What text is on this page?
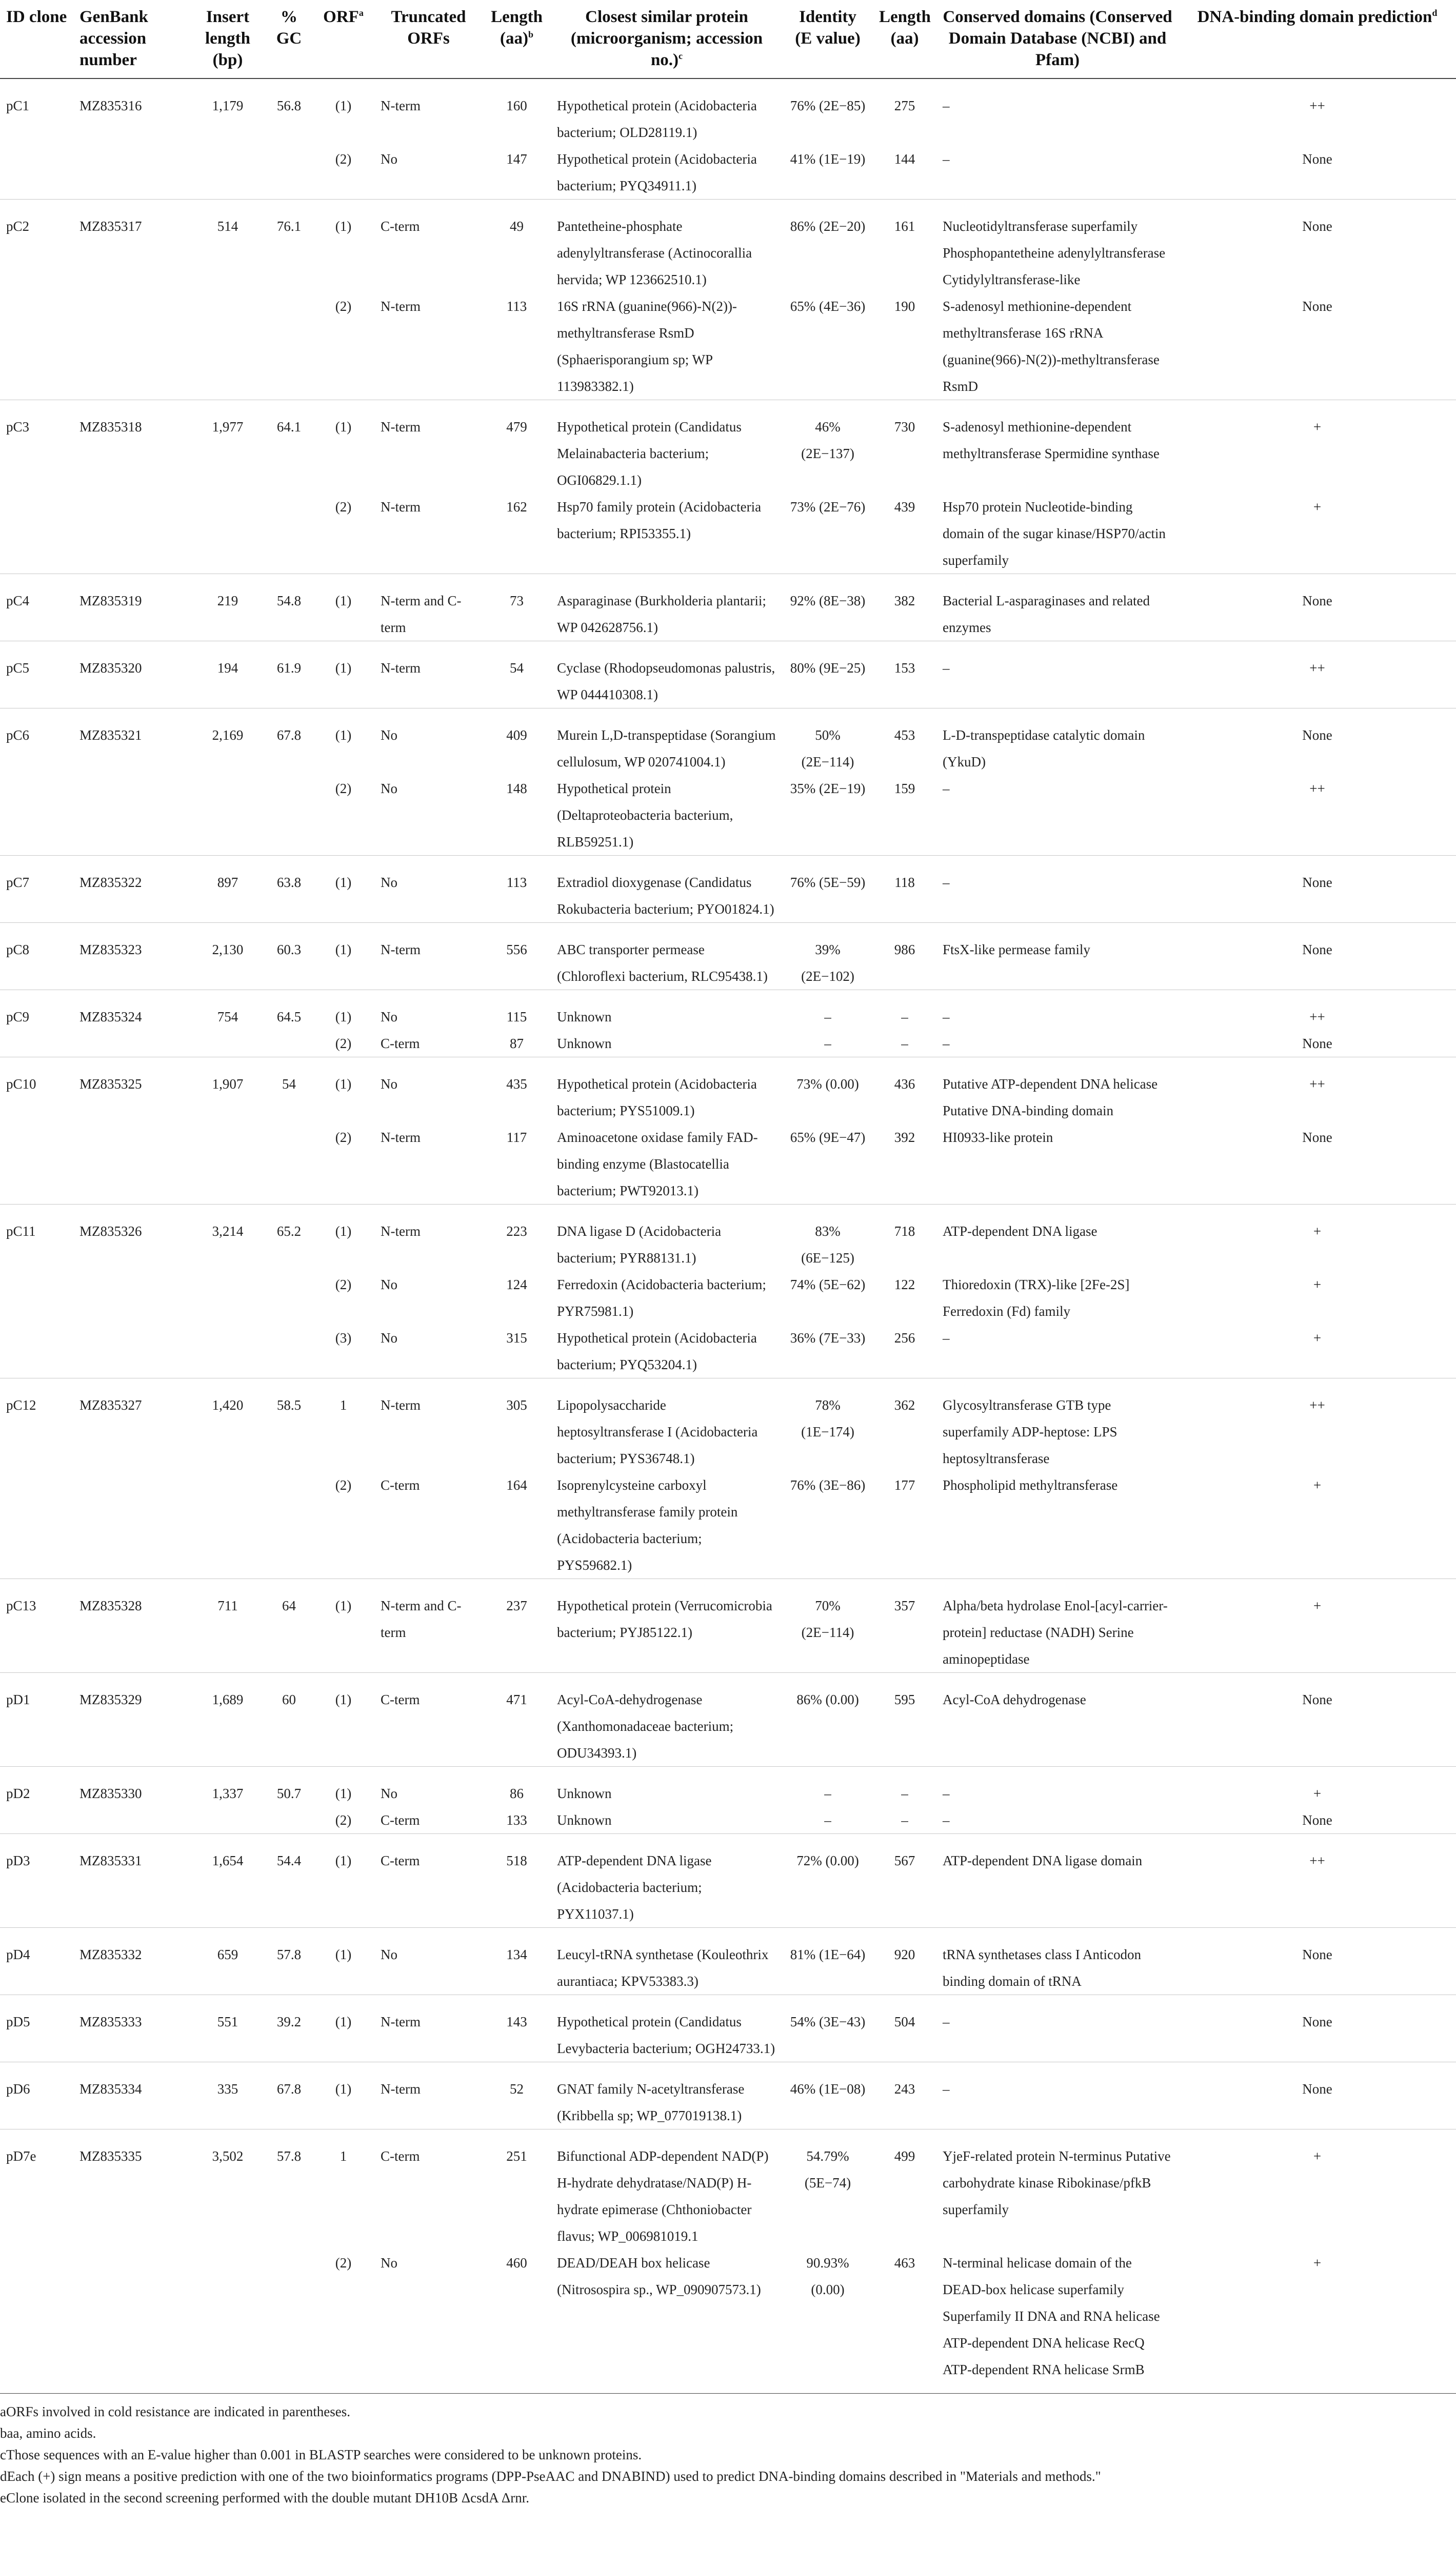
ID clone	GenBank accession number	Insert length (bp)	% GC	ORF$^a$	Truncated ORFs	Length (aa)$^b$	Closest similar protein (microorganism; accession no.)$^c$	Identity (E value)	Length (aa)	Conserved domains (Conserved Domain Database (NCBI) and Pfam)	DNA-binding domain prediction$^d$
pC1	MZ835316	1,179	56.8	(1)	N-term	160	Hypothetical protein (Acidobacteria bacterium; OLD28119.1)	76% (2E−85)	275	–	++
				(2)	No	147	Hypothetical protein (Acidobacteria bacterium; PYQ34911.1)	41% (1E−19)	144	–	None
pC2	MZ835317	514	76.1	(1)	C-term	49	Pantetheine-phosphate adenylyltransferase (Actinocorallia hervida; WP 123662510.1)	86% (2E−20)	161	Nucleotidyltransferase superfamily Phosphopantetheine adenylyltransferase Cytidylyltransferase-like	None
				(2)	N-term	113	16S rRNA (guanine(966)-N(2))-methyltransferase RsmD (Sphaerisporangium sp; WP 113983382.1)	65% (4E−36)	190	S-adenosyl methionine-dependent methyltransferase 16S rRNA (guanine(966)-N(2))-methyltransferase RsmD	None
pC3	MZ835318	1,977	64.1	(1)	N-term	479	Hypothetical protein (Candidatus Melainabacteria bacterium; OGI06829.1.1)	46% (2E−137)	730	S-adenosyl methionine-dependent methyltransferase Spermidine synthase	+
				(2)	N-term	162	Hsp70 family protein (Acidobacteria bacterium; RPI53355.1)	73% (2E−76)	439	Hsp70 protein Nucleotide-binding domain of the sugar kinase/HSP70/actin superfamily	+
pC4	MZ835319	219	54.8	(1)	N-term and C-term	73	Asparaginase (Burkholderia plantarii; WP 042628756.1)	92% (8E−38)	382	Bacterial L-asparaginases and related enzymes	None
pC5	MZ835320	194	61.9	(1)	N-term	54	Cyclase (Rhodopseudomonas palustris, WP 044410308.1)	80% (9E−25)	153	–	++
pC6	MZ835321	2,169	67.8	(1)	No	409	Murein L,D-transpeptidase (Sorangium cellulosum, WP 020741004.1)	50% (2E−114)	453	L-D-transpeptidase catalytic domain (YkuD)	None
				(2)	No	148	Hypothetical protein (Deltaproteobacteria bacterium, RLB59251.1)	35% (2E−19)	159	–	++
pC7	MZ835322	897	63.8	(1)	No	113	Extradiol dioxygenase (Candidatus Rokubacteria bacterium; PYO01824.1)	76% (5E−59)	118	–	None
pC8	MZ835323	2,130	60.3	(1)	N-term	556	ABC transporter permease (Chloroflexi bacterium, RLC95438.1)	39% (2E−102)	986	FtsX-like permease family	None
pC9	MZ835324	754	64.5	(1)	No	115	Unknown	–	–	–	++
				(2)	C-term	87	Unknown	–	–	–	None
pC10	MZ835325	1,907	54	(1)	No	435	Hypothetical protein (Acidobacteria bacterium; PYS51009.1)	73% (0.00)	436	Putative ATP-dependent DNA helicase Putative DNA-binding domain	++
				(2)	N-term	117	Aminoacetone oxidase family FAD-binding enzyme (Blastocatellia bacterium; PWT92013.1)	65% (9E−47)	392	HI0933-like protein	None
pC11	MZ835326	3,214	65.2	(1)	N-term	223	DNA ligase D (Acidobacteria bacterium; PYR88131.1)	83% (6E−125)	718	ATP-dependent DNA ligase	+
				(2)	No	124	Ferredoxin (Acidobacteria bacterium; PYR75981.1)	74% (5E−62)	122	Thioredoxin (TRX)-like [2Fe-2S] Ferredoxin (Fd) family	+
				(3)	No	315	Hypothetical protein (Acidobacteria bacterium; PYQ53204.1)	36% (7E−33)	256	–	+
pC12	MZ835327	1,420	58.5	1	N-term	305	Lipopolysaccharide heptosyltransferase I (Acidobacteria bacterium; PYS36748.1)	78% (1E−174)	362	Glycosyltransferase GTB type superfamily ADP-heptose: LPS heptosyltransferase	++
				(2)	C-term	164	Isoprenylcysteine carboxyl methyltransferase family protein (Acidobacteria bacterium; PYS59682.1)	76% (3E−86)	177	Phospholipid methyltransferase	+
pC13	MZ835328	711	64	(1)	N-term and C-term	237	Hypothetical protein (Verrucomicrobia bacterium; PYJ85122.1)	70% (2E−114)	357	Alpha/beta hydrolase Enol-[acyl-carrier-protein] reductase (NADH) Serine aminopeptidase	+
pD1	MZ835329	1,689	60	(1)	C-term	471	Acyl-CoA-dehydrogenase (Xanthomonadaceae bacterium; ODU34393.1)	86% (0.00)	595	Acyl-CoA dehydrogenase	None
pD2	MZ835330	1,337	50.7	(1)	No	86	Unknown	–	–	–	+
				(2)	C-term	133	Unknown	–	–	–	None
pD3	MZ835331	1,654	54.4	(1)	C-term	518	ATP-dependent DNA ligase (Acidobacteria bacterium; PYX11037.1)	72% (0.00)	567	ATP-dependent DNA ligase domain	++
pD4	MZ835332	659	57.8	(1)	No	134	Leucyl-tRNA synthetase (Kouleothrix aurantiaca; KPV53383.3)	81% (1E−64)	920	tRNA synthetases class I Anticodon binding domain of tRNA	None
pD5	MZ835333	551	39.2	(1)	N-term	143	Hypothetical protein (Candidatus Levybacteria bacterium; OGH24733.1)	54% (3E−43)	504	–	None
pD6	MZ835334	335	67.8	(1)	N-term	52	GNAT family N-acetyltransferase (Kribbella sp; WP_077019138.1)	46% (1E−08)	243	–	None
pD7e	MZ835335	3,502	57.8	1	C-term	251	Bifunctional ADP-dependent NAD(P) H-hydrate dehydratase/NAD(P) H-hydrate epimerase (Chthoniobacter flavus; WP_006981019.1	54.79% (5E−74)	499	YjeF-related protein N-terminus Putative carbohydrate kinase Ribokinase/pfkB superfamily	+
				(2)	No	460	DEAD/DEAH box helicase (Nitrosospira sp., WP_090907573.1)	90.93% (0.00)	463	N-terminal helicase domain of the DEAD-box helicase superfamily Superfamily II DNA and RNA helicase ATP-dependent DNA helicase RecQ ATP-dependent RNA helicase SrmB	+
aORFs involved in cold resistance are indicated in parentheses.
baa, amino acids.
cThose sequences with an E-value higher than 0.001 in BLASTP searches were considered to be unknown proteins.
dEach (+) sign means a positive prediction with one of the two bioinformatics programs (DPP-PseAAC and DNABIND) used to predict DNA-binding domains described in "Materials and methods."
eClone isolated in the second screening performed with the double mutant DH10B ΔcsdA Δrnr.
